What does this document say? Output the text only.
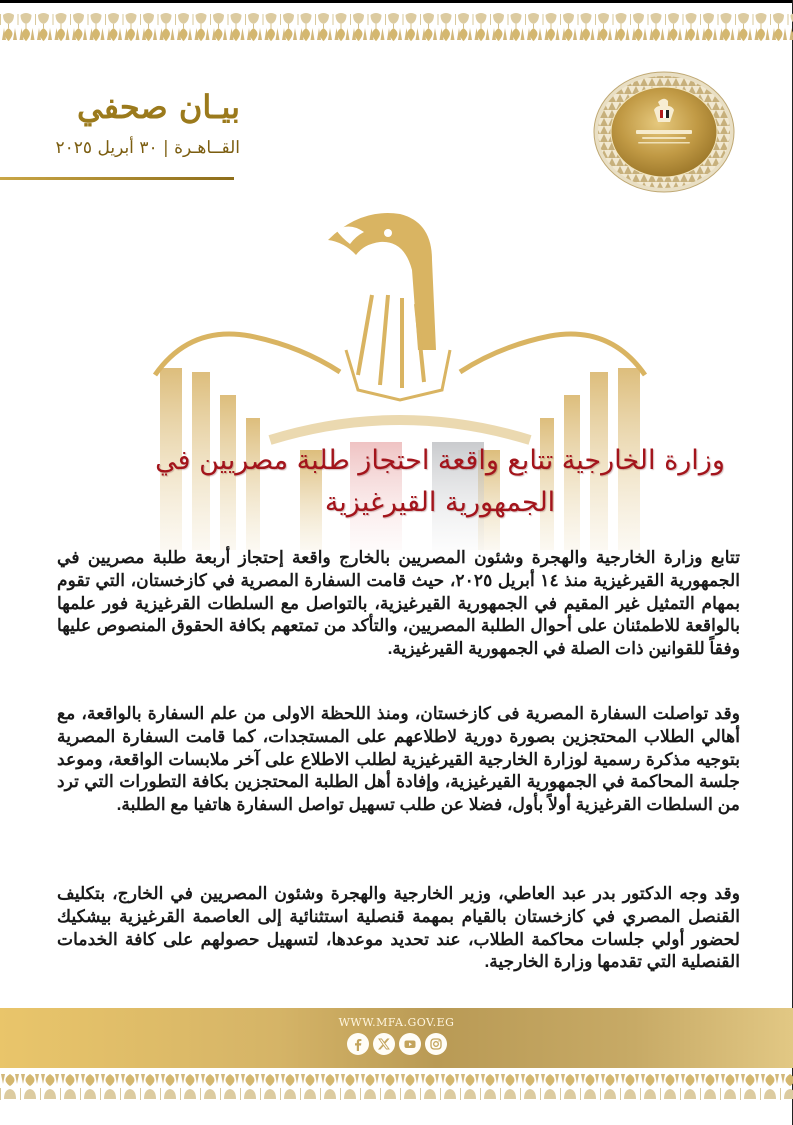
بيـان صحفي
القــاهـرة | ٣٠ أبريل ٢٠٢٥
وزارة الخارجية تتابع واقعة احتجاز طلبة مصريين في
الجمهورية القيرغيزية
تتابع وزارة الخارجية والهجرة وشئون المصريين بالخارج واقعة إحتجاز أربعة طلبة مصريين في الجمهورية القيرغيزية منذ ١٤ أبريل ٢٠٢٥، حيث قامت السفارة المصرية في كازخستان، التي تقوم بمهام التمثيل غير المقيم في الجمهورية القيرغيزية، بالتواصل مع السلطات القرغيزية فور علمها بالواقعة للاطمئنان على أحوال الطلبة المصريين، والتأكد من تمتعهم بكافة الحقوق المنصوص عليها وفقاً للقوانين ذات الصلة في الجمهورية القيرغيزية.
وقد تواصلت السفارة المصرية فى كازخستان، ومنذ اللحظة الاولى من علم السفارة بالواقعة، مع أهالي الطلاب المحتجزين بصورة دورية لاطلاعهم على المستجدات، كما قامت السفارة المصرية بتوجيه مذكرة رسمية لوزارة الخارجية القيرغيزية لطلب الاطلاع على آخر ملابسات الواقعة، وموعد جلسة المحاكمة في الجمهورية القيرغيزية، وإفادة أهل الطلبة المحتجزين بكافة التطورات التي ترد من السلطات القرغيزية أولاً بأول، فضلا عن طلب تسهيل تواصل السفارة هاتفيا مع الطلبة.
وقد وجه الدكتور بدر عبد العاطي، وزير الخارجية والهجرة وشئون المصريين في الخارج، بتكليف القنصل المصري في كازخستان بالقيام بمهمة قنصلية استثنائية إلى العاصمة القرغيزية بيشكيك لحضور أولي جلسات محاكمة الطلاب، عند تحديد موعدها، لتسهيل حصولهم على كافة الخدمات القنصلية التي تقدمها وزارة الخارجية.
WWW.MFA.GOV.EG
